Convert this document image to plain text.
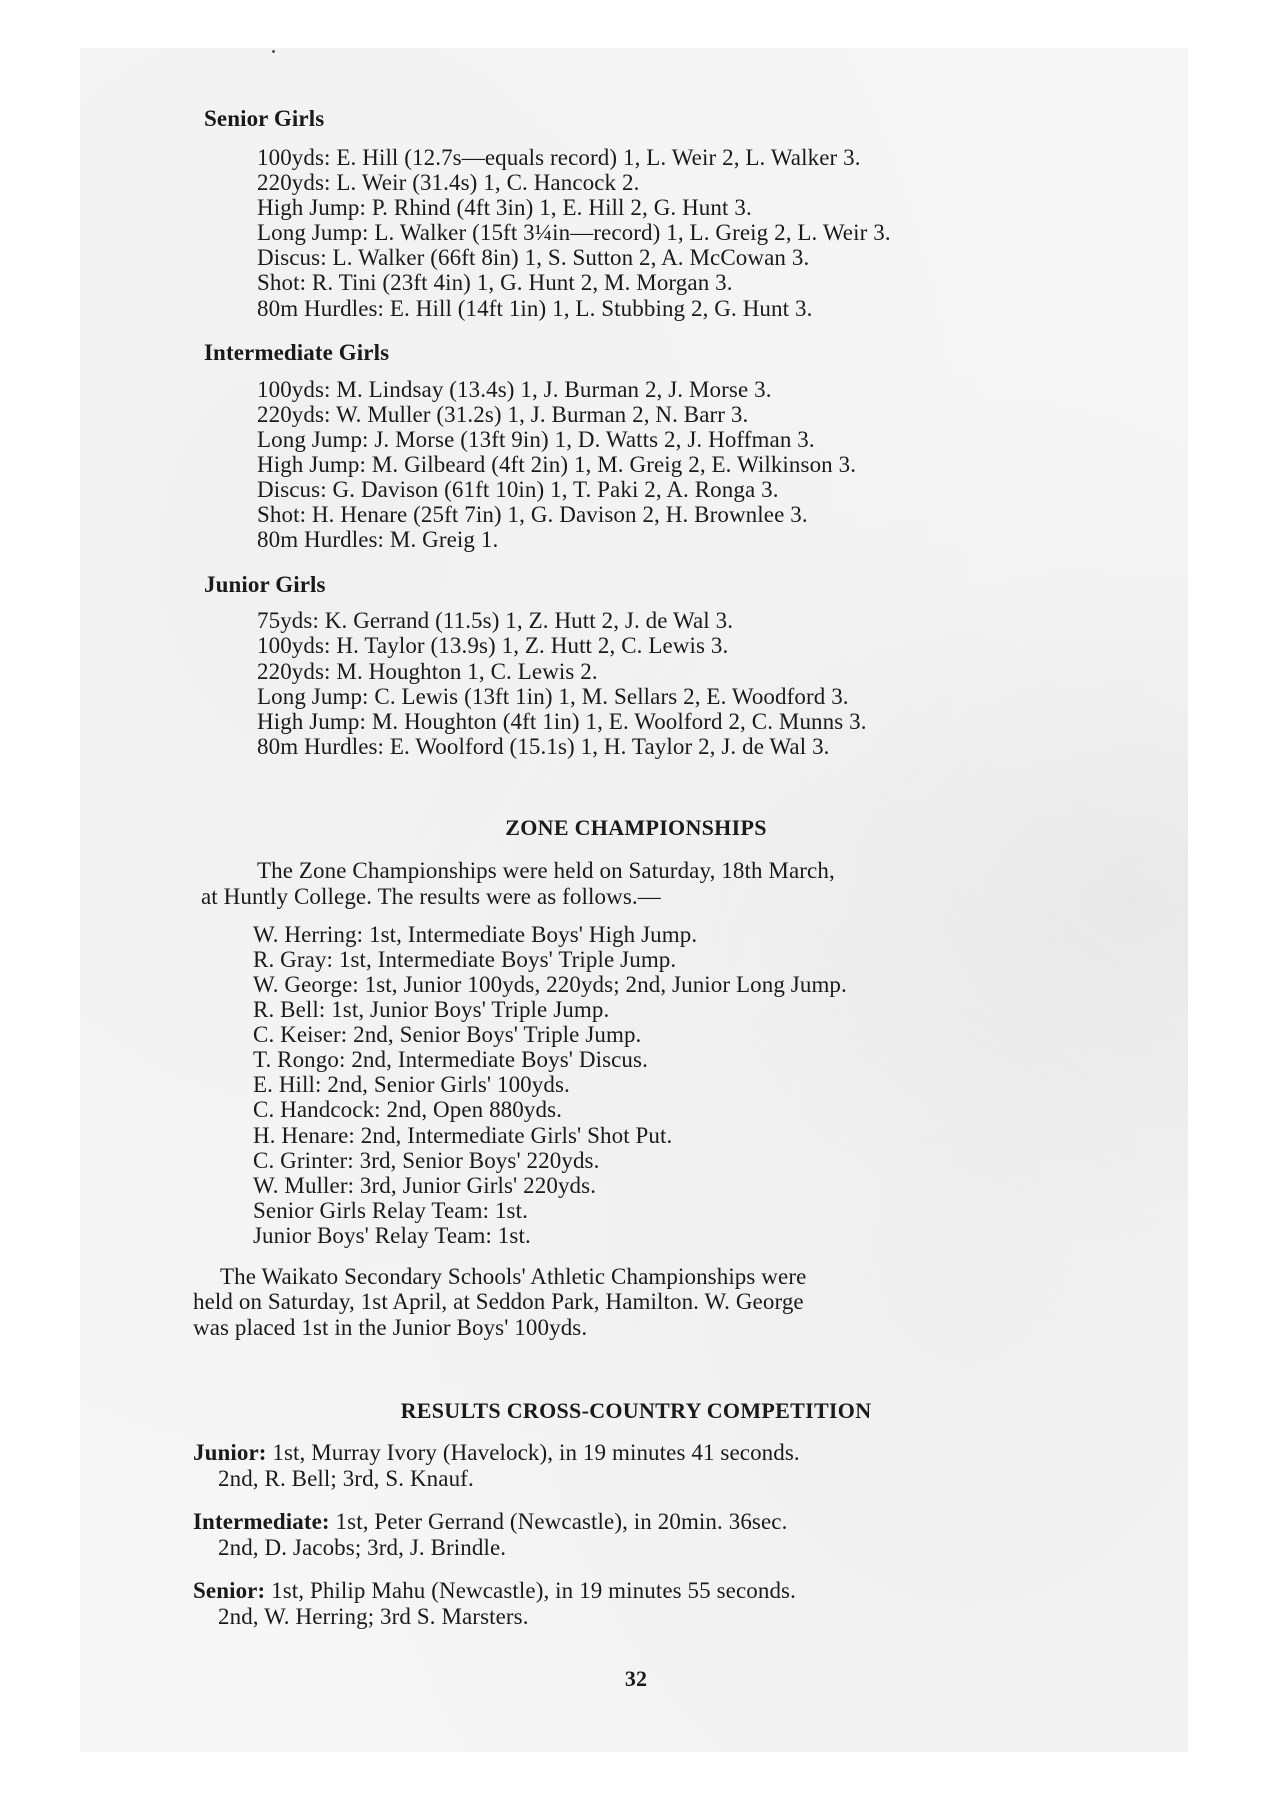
Senior Girls
100yds: E. Hill (12.7s—equals record) 1, L. Weir 2, L. Walker 3.
220yds: L. Weir (31.4s) 1, C. Hancock 2.
High Jump: P. Rhind (4ft 3in) 1, E. Hill 2, G. Hunt 3.
Long Jump: L. Walker (15ft 3¼in—record) 1, L. Greig 2, L. Weir 3.
Discus: L. Walker (66ft 8in) 1, S. Sutton 2, A. McCowan 3.
Shot: R. Tini (23ft 4in) 1, G. Hunt 2, M. Morgan 3.
80m Hurdles: E. Hill (14ft 1in) 1, L. Stubbing 2, G. Hunt 3.
Intermediate Girls
100yds: M. Lindsay (13.4s) 1, J. Burman 2, J. Morse 3.
220yds: W. Muller (31.2s) 1, J. Burman 2, N. Barr 3.
Long Jump: J. Morse (13ft 9in) 1, D. Watts 2, J. Hoffman 3.
High Jump: M. Gilbeard (4ft 2in) 1, M. Greig 2, E. Wilkinson 3.
Discus: G. Davison (61ft 10in) 1, T. Paki 2, A. Ronga 3.
Shot: H. Henare (25ft 7in) 1, G. Davison 2, H. Brownlee 3.
80m Hurdles: M. Greig 1.
Junior Girls
75yds: K. Gerrand (11.5s) 1, Z. Hutt 2, J. de Wal 3.
100yds: H. Taylor (13.9s) 1, Z. Hutt 2, C. Lewis 3.
220yds: M. Houghton 1, C. Lewis 2.
Long Jump: C. Lewis (13ft 1in) 1, M. Sellars 2, E. Woodford 3.
High Jump: M. Houghton (4ft 1in) 1, E. Woolford 2, C. Munns 3.
80m Hurdles: E. Woolford (15.1s) 1, H. Taylor 2, J. de Wal 3.
ZONE CHAMPIONSHIPS
The Zone Championships were held on Saturday, 18th March,
at Huntly College. The results were as follows.—
W. Herring: 1st, Intermediate Boys' High Jump.
R. Gray: 1st, Intermediate Boys' Triple Jump.
W. George: 1st, Junior 100yds, 220yds; 2nd, Junior Long Jump.
R. Bell: 1st, Junior Boys' Triple Jump.
C. Keiser: 2nd, Senior Boys' Triple Jump.
T. Rongo: 2nd, Intermediate Boys' Discus.
E. Hill: 2nd, Senior Girls' 100yds.
C. Handcock: 2nd, Open 880yds.
H. Henare: 2nd, Intermediate Girls' Shot Put.
C. Grinter: 3rd, Senior Boys' 220yds.
W. Muller: 3rd, Junior Girls' 220yds.
Senior Girls Relay Team: 1st.
Junior Boys' Relay Team: 1st.
The Waikato Secondary Schools' Athletic Championships were
held on Saturday, 1st April, at Seddon Park, Hamilton. W. George
was placed 1st in the Junior Boys' 100yds.
RESULTS CROSS-COUNTRY COMPETITION
Junior: 1st, Murray Ivory (Havelock), in 19 minutes 41 seconds.
2nd, R. Bell; 3rd, S. Knauf.
Intermediate: 1st, Peter Gerrand (Newcastle), in 20min. 36sec.
2nd, D. Jacobs; 3rd, J. Brindle.
Senior: 1st, Philip Mahu (Newcastle), in 19 minutes 55 seconds.
2nd, W. Herring; 3rd S. Marsters.
32
